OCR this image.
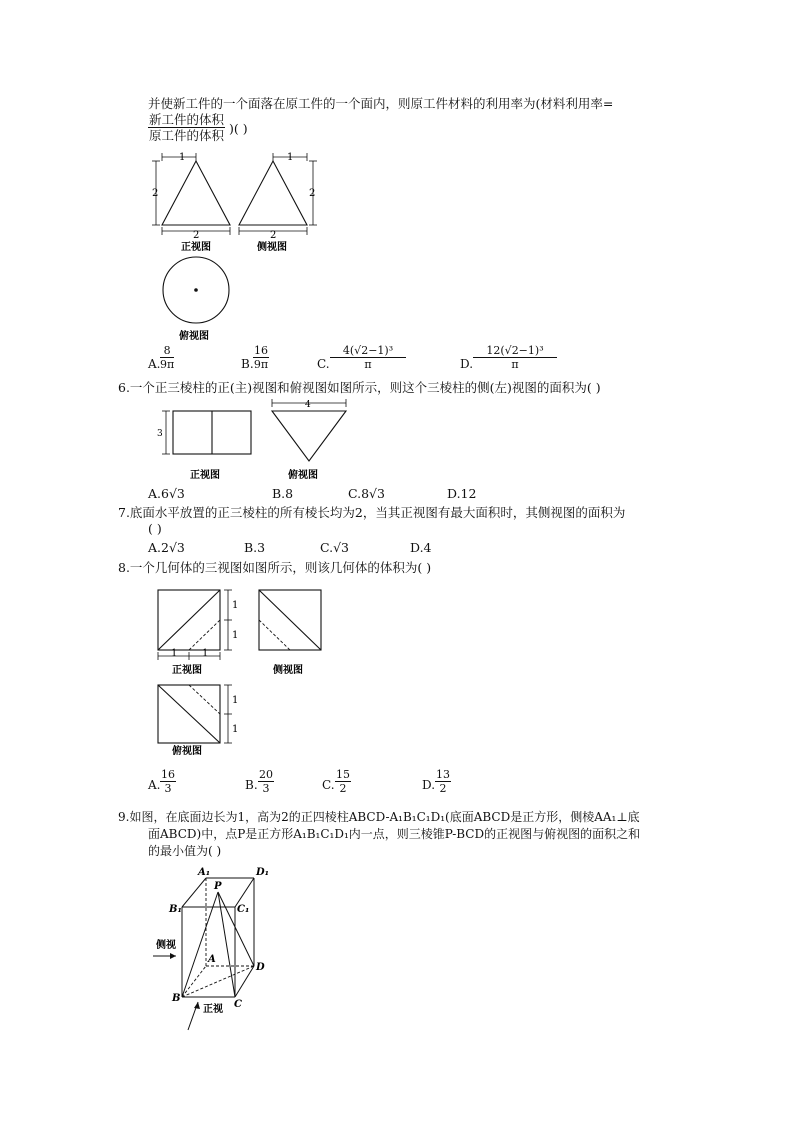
并使新工件的一个面落在原工件的一个面内，则原工件材料的利用率为(材料利用率=
新工件的体积
原工件的体积 )( )
1
2
2
正视图
1
2
2
侧视图
俯视图
A. $\frac{8}{9\pi}$	B. $\frac{16}{9\pi}$	C. $\frac{\text{4(√2−1)³}}{\pi}$	D. $\frac{\text{12(√2−1)³}}{\pi}$
6.一个正三棱柱的正(主)视图和俯视图如图所示，则这个三棱柱的侧(左)视图的面积为( )
3
正视图
4
俯视图
A.6√3	B.8	C.8√3	D.12
7.底面水平放置的正三棱柱的所有棱长均为2，当其正视图有最大面积时，其侧视图的面积为
( )
A.2√3	B.3	C.√3	D.4
8.一个几何体的三视图如图所示，则该几何体的体积为( )
1
1
1 1
正视图	侧视图
1
1
俯视图
A. $\frac{16}{3}$	B. $\frac{20}{3}$	C. $\frac{15}{2}$	D. $\frac{13}{2}$
9.如图，在底面边长为1，高为2的正四棱柱ABCD-A₁B₁C₁D₁(底面ABCD是正方形，侧棱AA₁⊥底
面ABCD)中，点P是正方形A₁B₁C₁D₁内一点，则三棱锥P-BCD的正视图与俯视图的面积之和
的最小值为( )
A₁	D₁
P
B₁	C₁
A
D
B
C
侧视
正视
